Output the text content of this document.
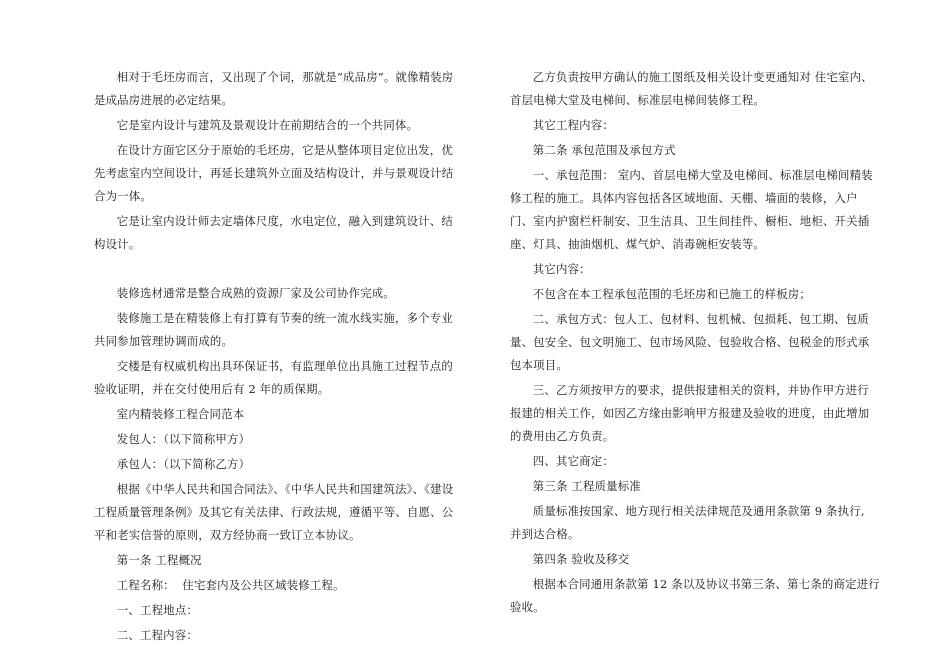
相对于毛坯房而言，又出现了个词，那就是“成品房”。就像精装房是成品房进展的必定结果。

它是室内设计与建筑及景观设计在前期结合的一个共同体。

在设计方面它区分于原始的毛坯房，它是从整体项目定位出发，优先考虑室内空间设计，再延长建筑外立面及结构设计，并与景观设计结合为一体。

它是让室内设计师去定墙体尺度，水电定位，融入到建筑设计、结构设计。

装修选材通常是整合成熟的资源厂家及公司协作完成。

装修施工是在精装修上有打算有节奏的统一流水线实施，多个专业共同参加管理协调而成的。

交楼是有权威机构出具环保证书，有监理单位出具施工过程节点的验收证明，并在交付使用后有 2 年的质保期。

室内精装修工程合同范本

发包人：（以下简称甲方）

承包人：（以下简称乙方）

根据《中华人民共和国合同法》、《中华人民共和国建筑法》、《建设工程质量管理条例》及其它有关法律、行政法规，遵循平等、自愿、公平和老实信誉的原则，双方经协商一致订立本协议。

第一条 工程概况

工程名称：  住宅套内及公共区域装修工程。

一、工程地点：

二、工程内容：

乙方负责按甲方确认的施工图纸及相关设计变更通知对 住宅室内、首层电梯大堂及电梯间、标准层电梯间装修工程。

其它工程内容：

第二条 承包范围及承包方式

一、承包范围： 室内、首层电梯大堂及电梯间、标准层电梯间精装修工程的施工。具体内容包括各区域地面、天棚、墙面的装修，入户门、室内护窗栏杆制安、卫生洁具、卫生间挂件、橱柜、地柜、开关插座、灯具、抽油烟机、煤气炉、消毒碗柜安装等。

其它内容：

不包含在本工程承包范围的毛坯房和已施工的样板房；

二、承包方式：包人工、包材料、包机械、包损耗、包工期、包质量、包安全、包文明施工、包市场风险、包验收合格、包税金的形式承包本项目。

三、乙方须按甲方的要求，提供报建相关的资料，并协作甲方进行报建的相关工作，如因乙方缘由影响甲方报建及验收的进度，由此增加的费用由乙方负责。

四、其它商定：

第三条 工程质量标准

质量标准按国家、地方现行相关法律规范及通用条款第 9 条执行, 并到达合格。

第四条 验收及移交

根据本合同通用条款第 12 条以及协议书第三条、第七条的商定进行验收。
